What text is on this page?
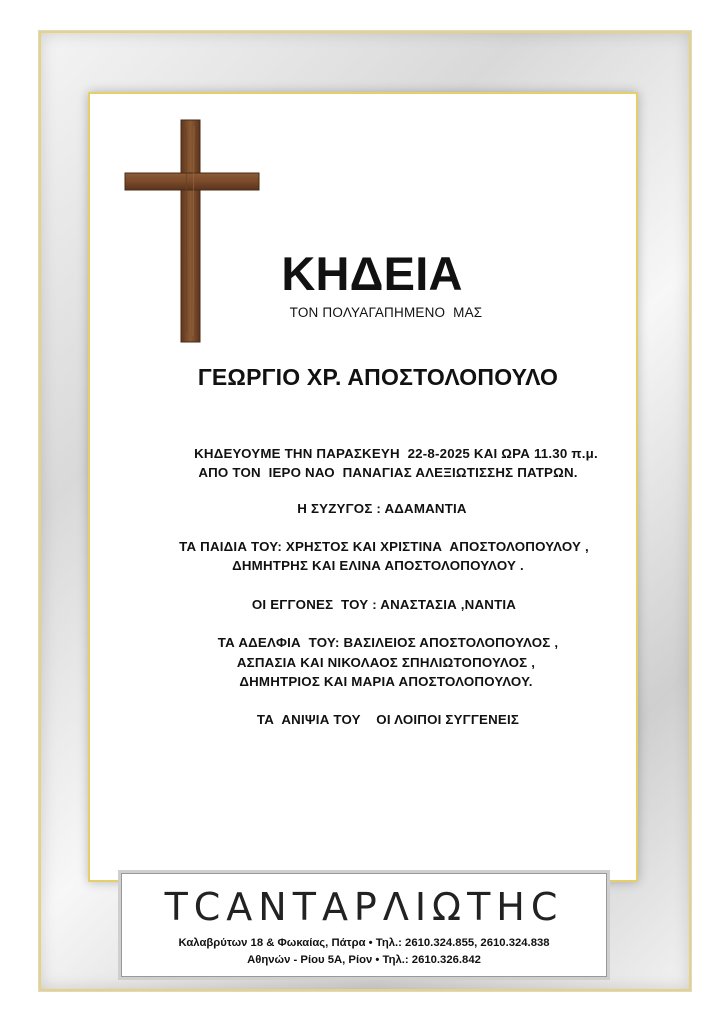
ΚΗΔΕΙΑ
ΤΟΝ ΠΟΛΥΑΓΑΠΗΜΕΝΟ  ΜΑΣ
ΓΕΩΡΓΙΟ ΧΡ. ΑΠΟΣΤΟΛΟΠΟΥΛΟ
ΚΗΔΕΥΟΥΜΕ ΤΗΝ ΠΑΡΑΣΚΕΥΗ  22-8-2025 ΚΑΙ ΩΡΑ 11.30 π.μ.
ΑΠΟ ΤΟΝ  ΙΕΡΟ ΝΑΟ  ΠΑΝΑΓΙΑΣ ΑΛΕΞΙΩΤΙΣΣΗΣ ΠΑΤΡΩΝ.
Η ΣΥΖΥΓΟΣ : ΑΔΑΜΑΝΤΙΑ
ΤΑ ΠΑΙΔΙΑ ΤΟΥ: ΧΡΗΣΤΟΣ ΚΑΙ ΧΡΙΣΤΙΝΑ  ΑΠΟΣΤΟΛΟΠΟΥΛΟΥ ,
ΔΗΜΗΤΡΗΣ ΚΑΙ ΕΛΙΝΑ ΑΠΟΣΤΟΛΟΠΟΥΛΟΥ .
ΟΙ ΕΓΓΟΝΕΣ  ΤΟΥ : ΑΝΑΣΤΑΣΙΑ ,ΝΑΝΤΙΑ
ΤΑ ΑΔΕΛΦΙΑ  ΤΟΥ: ΒΑΣΙΛΕΙΟΣ ΑΠΟΣΤΟΛΟΠΟΥΛΟΣ ,
ΑΣΠΑΣΙΑ ΚΑΙ ΝΙΚΟΛΑΟΣ ΣΠΗΛΙΩΤΟΠΟΥΛΟΣ ,
ΔΗΜΗΤΡΙΟΣ ΚΑΙ ΜΑΡΙΑ ΑΠΟΣΤΟΛΟΠΟΥΛΟΥ.
ΤΑ  ΑΝΙΨΙΑ ΤΟΥ    ΟΙ ΛΟΙΠΟΙ ΣΥΓΓΕΝΕΙΣ
ΤCΑΝΤΑΡΛΙΩΤΗC
Καλαβρύτων 18 & Φωκαίας, Πάτρα • Τηλ.: 2610.324.855, 2610.324.838
Αθηνών - Ρίου 5Α, Ρίον • Τηλ.: 2610.326.842
